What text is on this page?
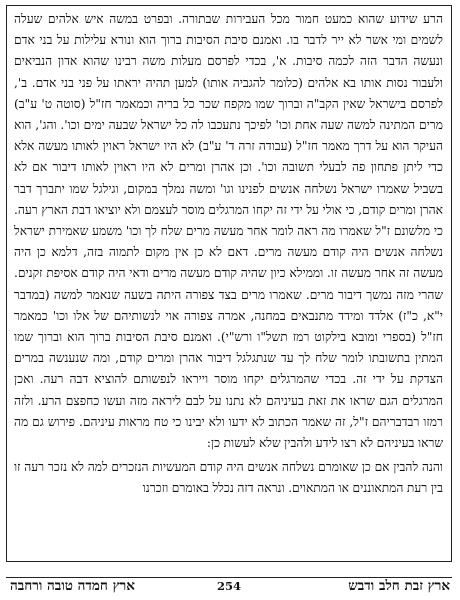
הרע שידוע שהוא כמעט חמור מכל העבירות שבתורה. ובפרט במשה איש אלהים שעלה לשמים ומי אשר לא ייר לדבר בו. ואמנם סיבת הסיבות ברוך הוא ונורא עלילות על בני אדם ונעשה הדבר הזה לכמה סיבות. א', בכדי לפרסם מעלות משה רבינו שהוא אדון הנביאים ולעבור נסות אותו בא אלהים (כלומר להגביה אותו) למען תהיה יראתו על פני בני אדם. ב', לפרסם בישראל שאין הקב"ה וברוך שמו מקפח שכר כל בריה וכמאמר חז"ל (סוטה ט' ע"ב) מרים המתינה למשה שעה אחת וכו' לפיכך נתעכבו לה כל ישראל שבעה ימים וכו'. והג', הוא העיקר הוא על דרך מאמר חז"ל (עבודה זרה ד' ע"ב) לא היו ישראל ראוין לאותו מעשה אלא כדי ליתן פתחון פה לבעלי תשובה וכו'. וכן אהרן ומרים לא היו ראוין לאותו דיבור אם לא בשביל שאמרו ישראל נשלחה אנשים לפנינו וגו' ומשה נמלך במקום, וגילגל שמו יתברך דבר אהרן ומרים קודם, כי אולי על ידי זה יקחו המרגלים מוסר לעצמם ולא יוציאו דבת הארץ רעה. כי מלשונם ז"ל שאמרו מה ראה לומר אחר מעשה מרים שלח לך וכו' משמע שאמירת ישראל נשלחה אנשים היה קודם מעשה מרים. דאם לא כן אין מקום לתמוה בזה, דלמא כן היה מעשה זה אחר מעשה זו. וממילא כיון שהיה קודם מעשה מרים ודאי היה קודם אסיפת זקנים. שהרי מזה נמשך דיבור מרים. שאמרו מרים בצד צפורה היתה בשעה שנאמר למשה (במדבר י"א, כ"ז) אלדד ומידד מתנבאים במחנה, אמרה צפורה אוי לנשותיהם של אלו וכו' כמאמר חז"ל (בספרי ומובא בילקוט רמז תשל"ו ורש"י). ואמנם סיבת הסיבות ברוך הוא וברוך שמו המתין בתשובתו לומר שלח לך עד שנתגלגל דיבור אהרן ומרים קודם, ומה שנענשה במרים הצדקת על ידי זה. בכדי שהמרגלים יקחו מוסר וייראו לנפשותם להוציא דבה רעה. ואכן המרגלים הגם שראו את זאת בעיניהם לא נתנו על לבם ליראה מזה ועשו כחפצם הרע. ולזה רמזו רבדבריהם ז"ל, זה שאמר הכתוב לא ידעו ולא יבינו כי טח מראות עיניהם. פירוש גם מה שראו בעיניהם לא רצו לידע ולהבין שלא לעשות כן:

והנה להבין אם כן שאומרם נשלחה אנשים היה קודם המעשיות הנזכרים למה לא נזכר רעה זו בין רעת המתאוננים או המתאוים. ונראה דזה נכלל באומרם וזכרנו

ארץ זבת חלב ודבש
254
ארץ חמדה טובה ורחבה
